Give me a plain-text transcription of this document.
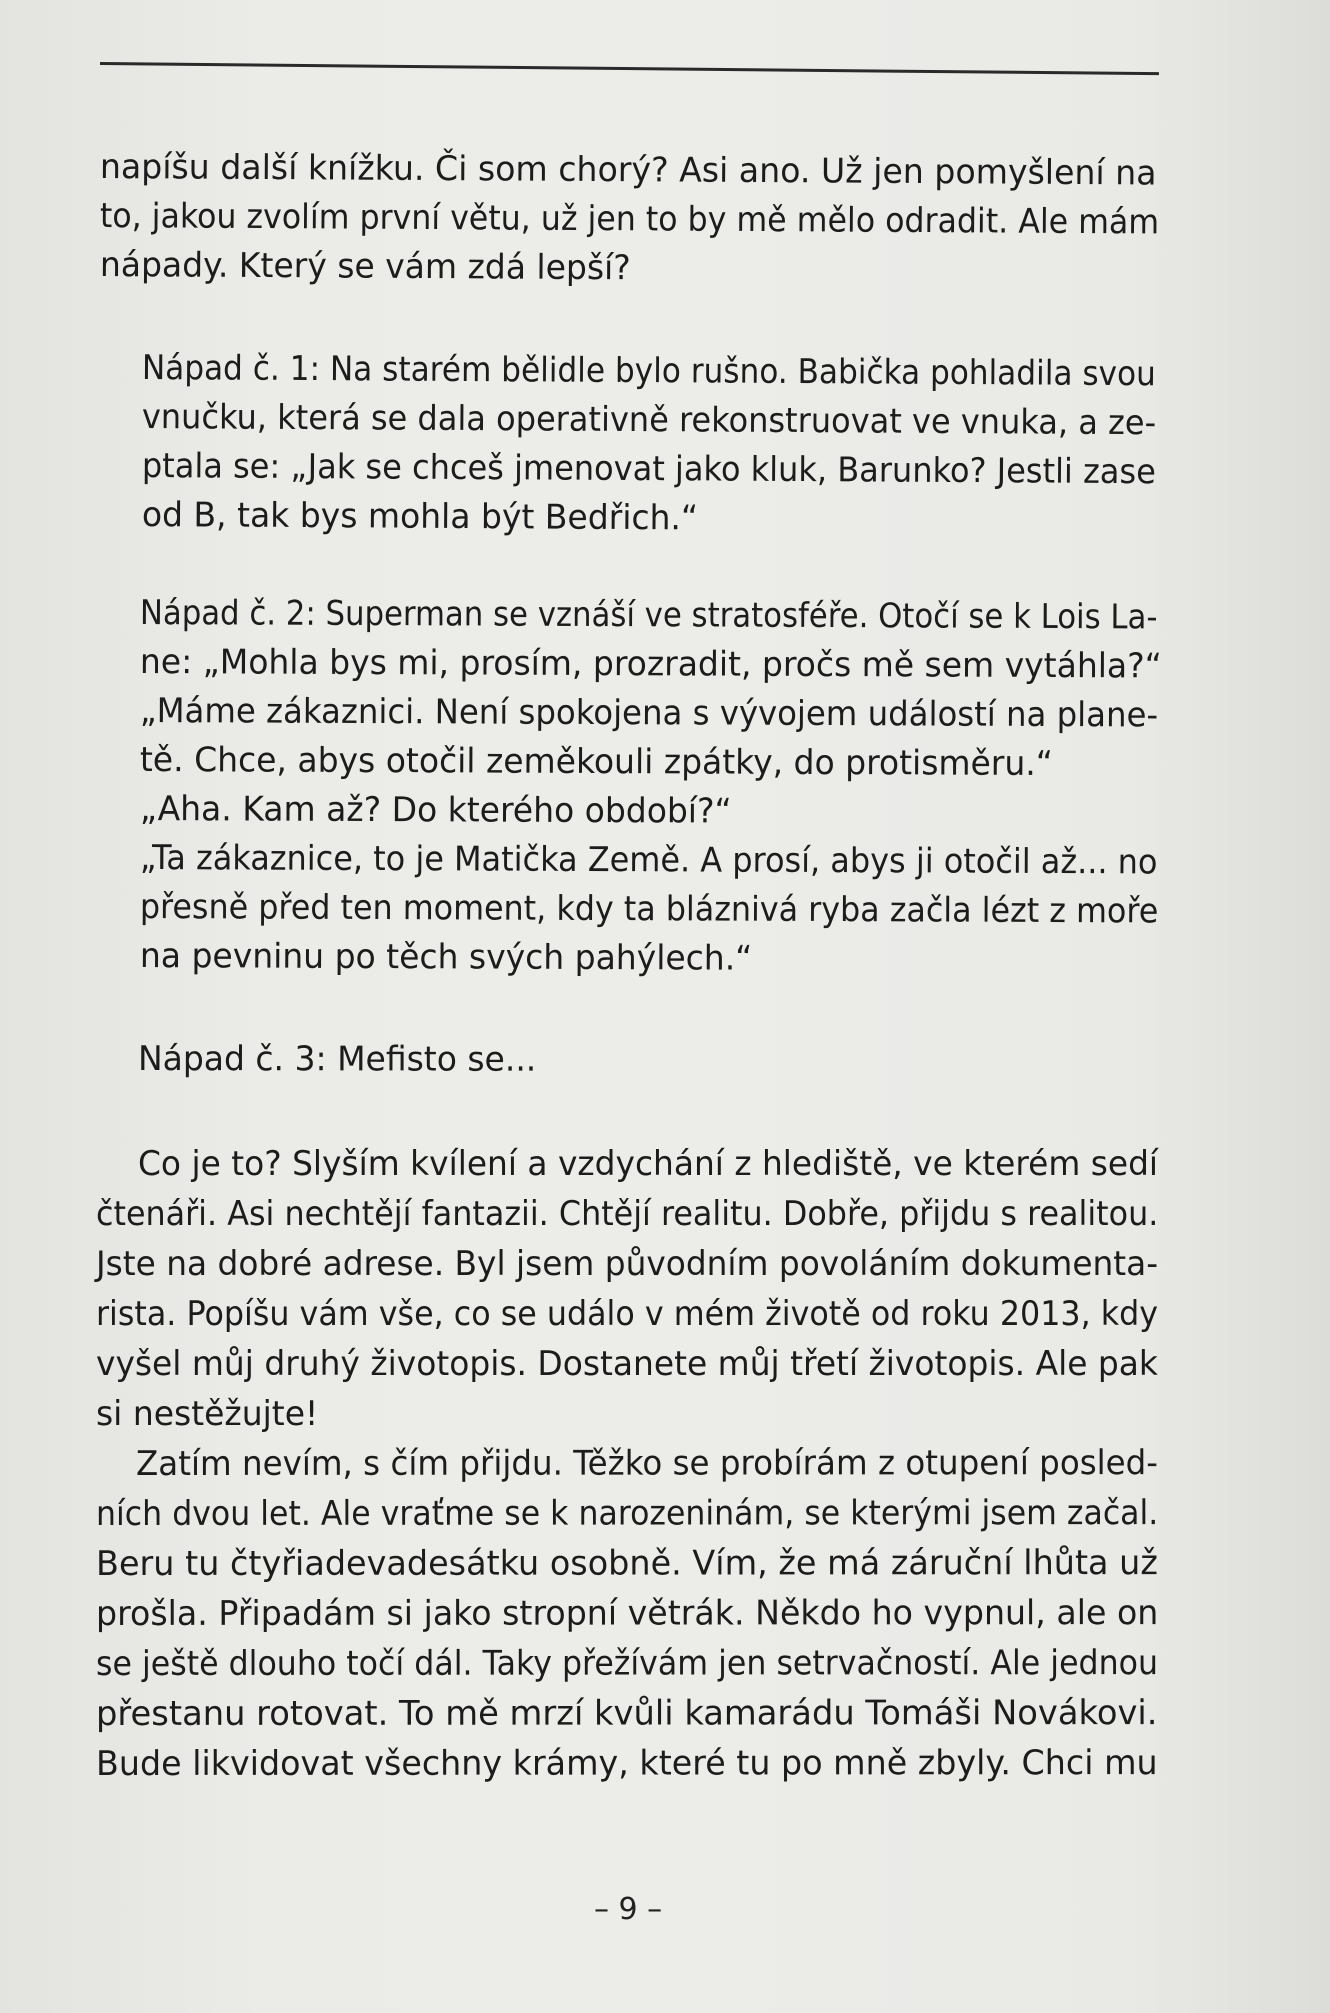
napíšu další knížku. Či som chorý? Asi ano. Už jen pomyšlení na
to, jakou zvolím první větu, už jen to by mě mělo odradit. Ale mám
nápady. Který se vám zdá lepší?
Nápad č. 1: Na starém bělidle bylo rušno. Babička pohladila svou
vnučku, která se dala operativně rekonstruovat ve vnuka, a ze-
ptala se: „Jak se chceš jmenovat jako kluk, Barunko? Jestli zase
od B, tak bys mohla být Bedřich.“
Nápad č. 2: Superman se vznáší ve stratosféře. Otočí se k Lois La-
ne: „Mohla bys mi, prosím, prozradit, pročs mě sem vytáhla?“
„Máme zákaznici. Není spokojena s vývojem událostí na plane-
tě. Chce, abys otočil zeměkouli zpátky, do protisměru.“
„Aha. Kam až? Do kterého období?“
„Ta zákaznice, to je Matička Země. A prosí, abys ji otočil až... no
přesně před ten moment, kdy ta bláznivá ryba začla lézt z moře
na pevninu po těch svých pahýlech.“
Nápad č. 3: Mefisto se...
Co je to? Slyším kvílení a vzdychání z hlediště, ve kterém sedí
čtenáři. Asi nechtějí fantazii. Chtějí realitu. Dobře, přijdu s realitou.
Jste na dobré adrese. Byl jsem původním povoláním dokumenta-
rista. Popíšu vám vše, co se událo v mém životě od roku 2013, kdy
vyšel můj druhý životopis. Dostanete můj třetí životopis. Ale pak
si nestěžujte!
Zatím nevím, s čím přijdu. Těžko se probírám z otupení posled-
ních dvou let. Ale vraťme se k narozeninám, se kterými jsem začal.
Beru tu čtyřiadevadesátku osobně. Vím, že má záruční lhůta už
prošla. Připadám si jako stropní větrák. Někdo ho vypnul, ale on
se ještě dlouho točí dál. Taky přežívám jen setrvačností. Ale jednou
přestanu rotovat. To mě mrzí kvůli kamarádu Tomáši Novákovi.
Bude likvidovat všechny krámy, které tu po mně zbyly. Chci mu
– 9 –
